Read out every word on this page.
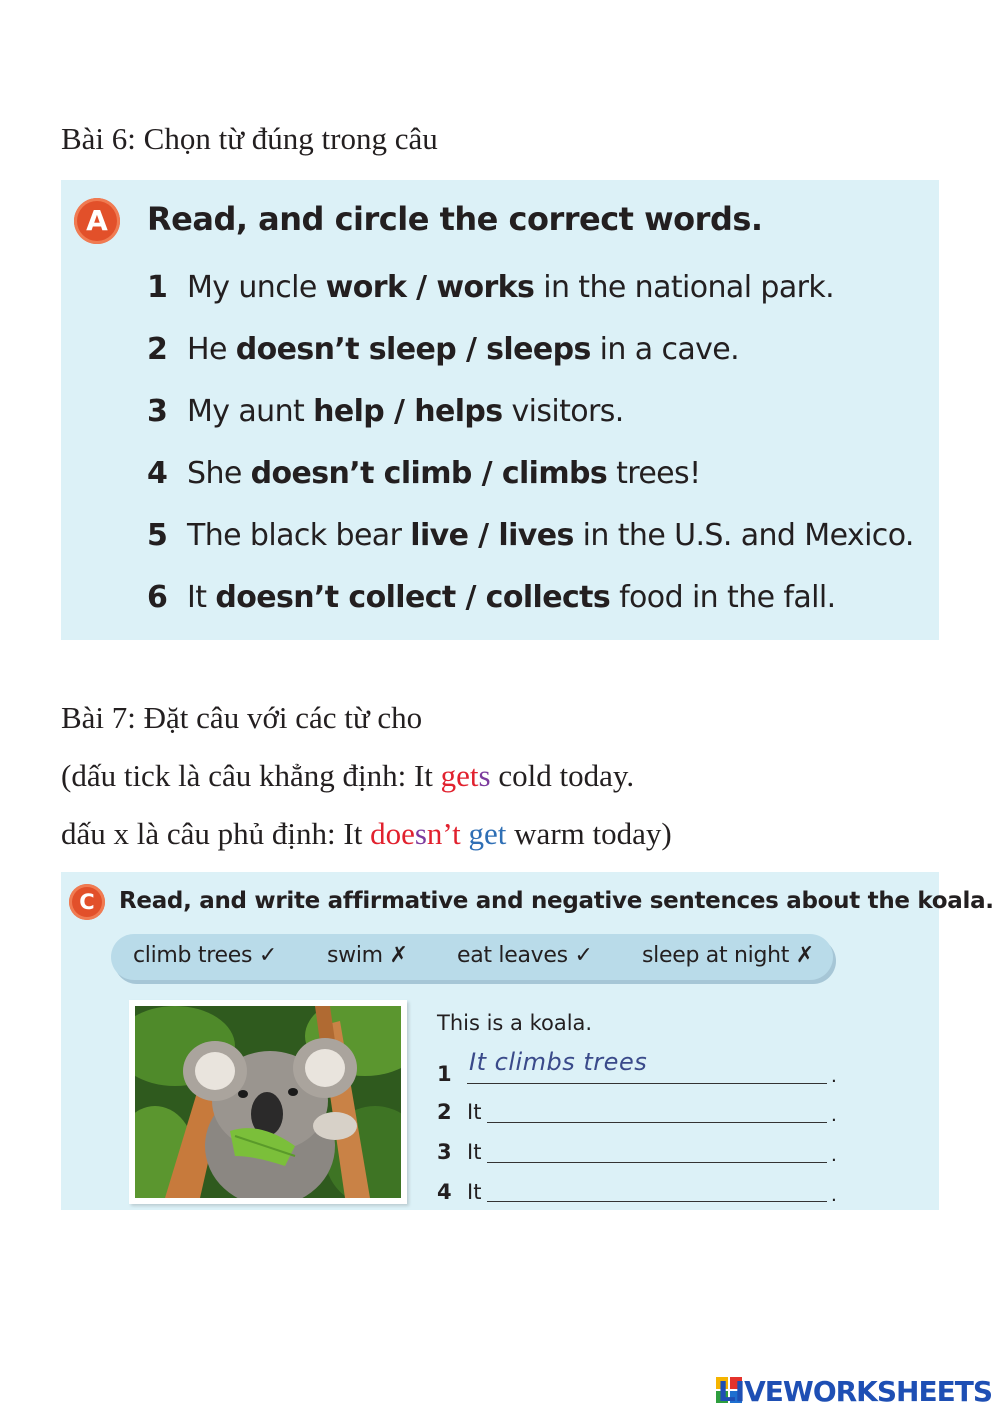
Bài 6: Chọn từ đúng trong câu
A	Read, and circle the correct words.
1 My uncle work / works in the national park.
2 He doesn’t sleep / sleeps in a cave.
3 My aunt help / helps visitors.
4 She doesn’t climb / climbs trees!
5 The black bear live / lives in the U.S. and Mexico.
6 It doesn’t collect / collects food in the fall.
Bài 7: Đặt câu với các từ cho
(dấu tick là câu khẳng định: It gets cold today.
dấu x là câu phủ định: It doesn’t get warm today)
C	Read, and write affirmative and negative sentences about the koala.
climb trees ✓ swim ✗ eat leaves ✓ sleep at night ✗
This is a koala.
1 It climbs trees	.
2 It	.
3 It	.
4 It	.
LIVEWORKSHEETS
